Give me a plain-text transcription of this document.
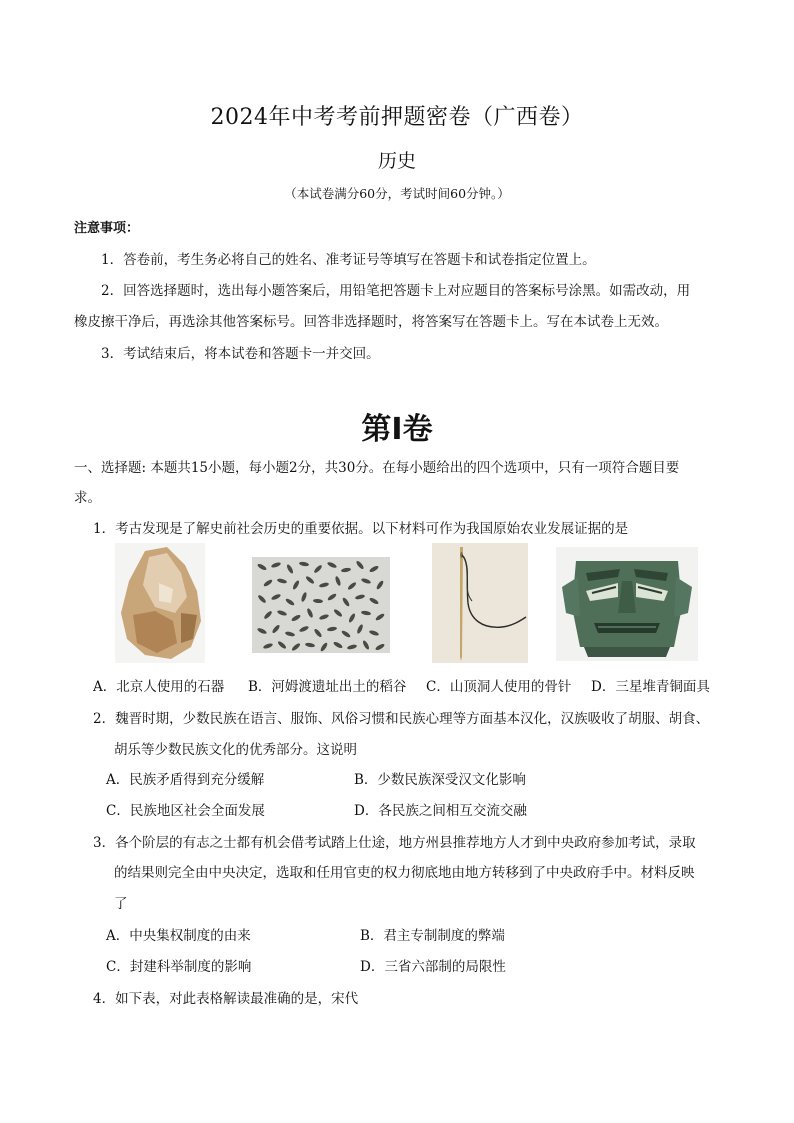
2024年中考考前押题密卷（广西卷）
历史
（本试卷满分60分，考试时间60分钟。）
注意事项：
1．答卷前，考生务必将自己的姓名、准考证号等填写在答题卡和试卷指定位置上。
2．回答选择题时，选出每小题答案后，用铅笔把答题卡上对应题目的答案标号涂黑。如需改动，用
橡皮擦干净后，再选涂其他答案标号。回答非选择题时，将答案写在答题卡上。写在本试卷上无效。
3．考试结束后，将本试卷和答题卡一并交回。
第I卷
一、选择题: 本题共15小题，每小题2分，共30分。在每小题给出的四个选项中，只有一项符合题目要
求。
1．考古发现是了解史前社会历史的重要依据。以下材料可作为我国原始农业发展证据的是
A．北京人使用的石器 B．河姆渡遗址出土的稻谷 C．山顶洞人使用的骨针 D．三星堆青铜面具
2．魏晋时期，少数民族在语言、服饰、风俗习惯和民族心理等方面基本汉化，汉族吸收了胡服、胡食、
胡乐等少数民族文化的优秀部分。这说明
A．民族矛盾得到充分缓解	B．少数民族深受汉文化影响
C．民族地区社会全面发展	D．各民族之间相互交流交融
3．各个阶层的有志之士都有机会借考试踏上仕途，地方州县推荐地方人才到中央政府参加考试，录取
的结果则完全由中央决定，选取和任用官吏的权力彻底地由地方转移到了中央政府手中。材料反映
了
A．中央集权制度的由来	B．君主专制制度的弊端
C．封建科举制度的影响	D．三省六部制的局限性
4．如下表，对此表格解读最准确的是，宋代
